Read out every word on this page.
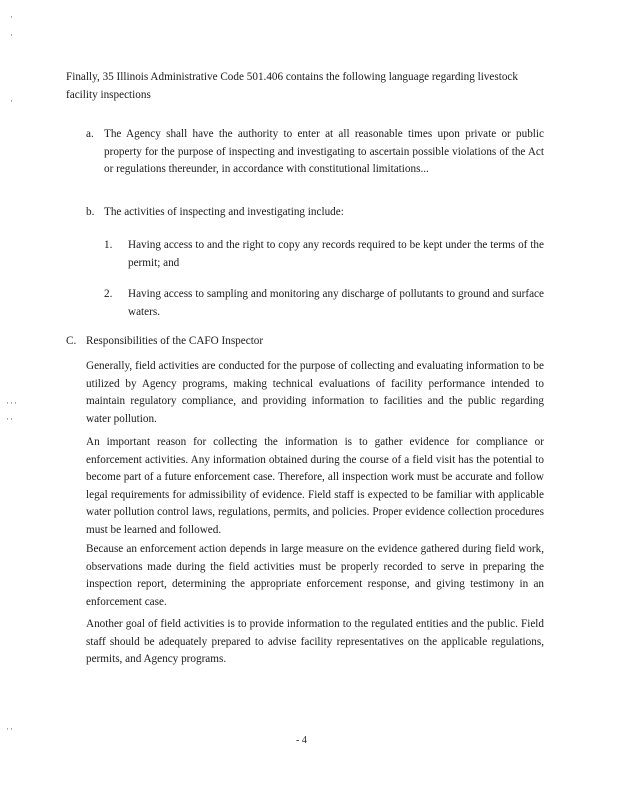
Finally, 35 Illinois Administrative Code 501.406 contains the following language regarding livestock facility inspections

a. The Agency shall have the authority to enter at all reasonable times upon private or public property for the purpose of inspecting and investigating to ascertain possible violations of the Act or regulations thereunder, in accordance with constitutional limitations...

b. The activities of inspecting and investigating include:

1. Having access to and the right to copy any records required to be kept under the terms of the permit; and

2. Having access to sampling and monitoring any discharge of pollutants to ground and surface waters.

C. Responsibilities of the CAFO Inspector

Generally, field activities are conducted for the purpose of collecting and evaluating information to be utilized by Agency programs, making technical evaluations of facility performance intended to maintain regulatory compliance, and providing information to facilities and the public regarding water pollution.

An important reason for collecting the information is to gather evidence for compliance or enforcement activities. Any information obtained during the course of a field visit has the potential to become part of a future enforcement case. Therefore, all inspection work must be accurate and follow legal requirements for admissibility of evidence. Field staff is expected to be familiar with applicable water pollution control laws, regulations, permits, and policies. Proper evidence collection procedures must be learned and followed.

Because an enforcement action depends in large measure on the evidence gathered during field work, observations made during the field activities must be properly recorded to serve in preparing the inspection report, determining the appropriate enforcement response, and giving testimony in an enforcement case.

Another goal of field activities is to provide information to the regulated entities and the public. Field staff should be adequately prepared to advise facility representatives on the applicable regulations, permits, and Agency programs.

- 4
·
·
·
···
··
··
